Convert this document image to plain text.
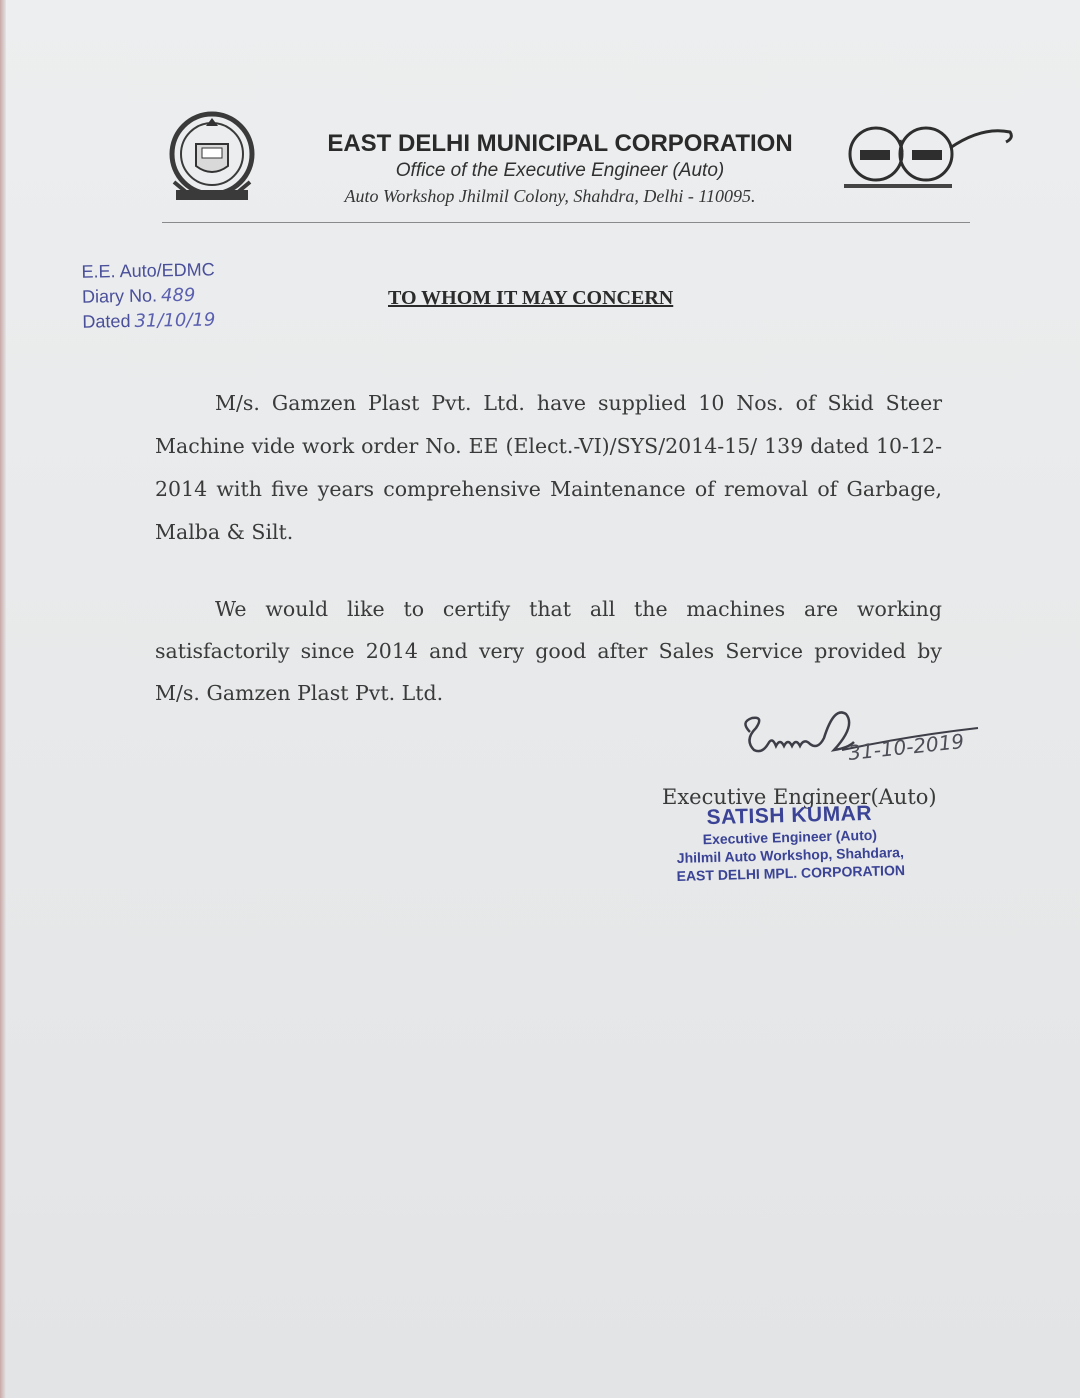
EAST DELHI MUNICIPAL CORPORATION
Office of the Executive Engineer (Auto)
Auto Workshop Jhilmil Colony, Shahdra, Delhi - 110095.
E.E. Auto/EDMC
Diary No. 489
Dated 31/10/19
TO WHOM IT MAY CONCERN
M/s. Gamzen Plast Pvt. Ltd. have supplied 10 Nos. of Skid Steer Machine vide work order No. EE (Elect.-VI)/SYS/2014-15/ 139 dated 10-12-2014 with five years comprehensive Maintenance of removal of Garbage, Malba & Silt.
We would like to certify that all the machines are working satisfactorily since 2014 and very good after Sales Service provided by M/s. Gamzen Plast Pvt. Ltd.
31-10-2019
Executive Engineer(Auto)
SATISH KUMAR
Executive Engineer (Auto)
Jhilmil Auto Workshop, Shahdara,
EAST DELHI MPL. CORPORATION
